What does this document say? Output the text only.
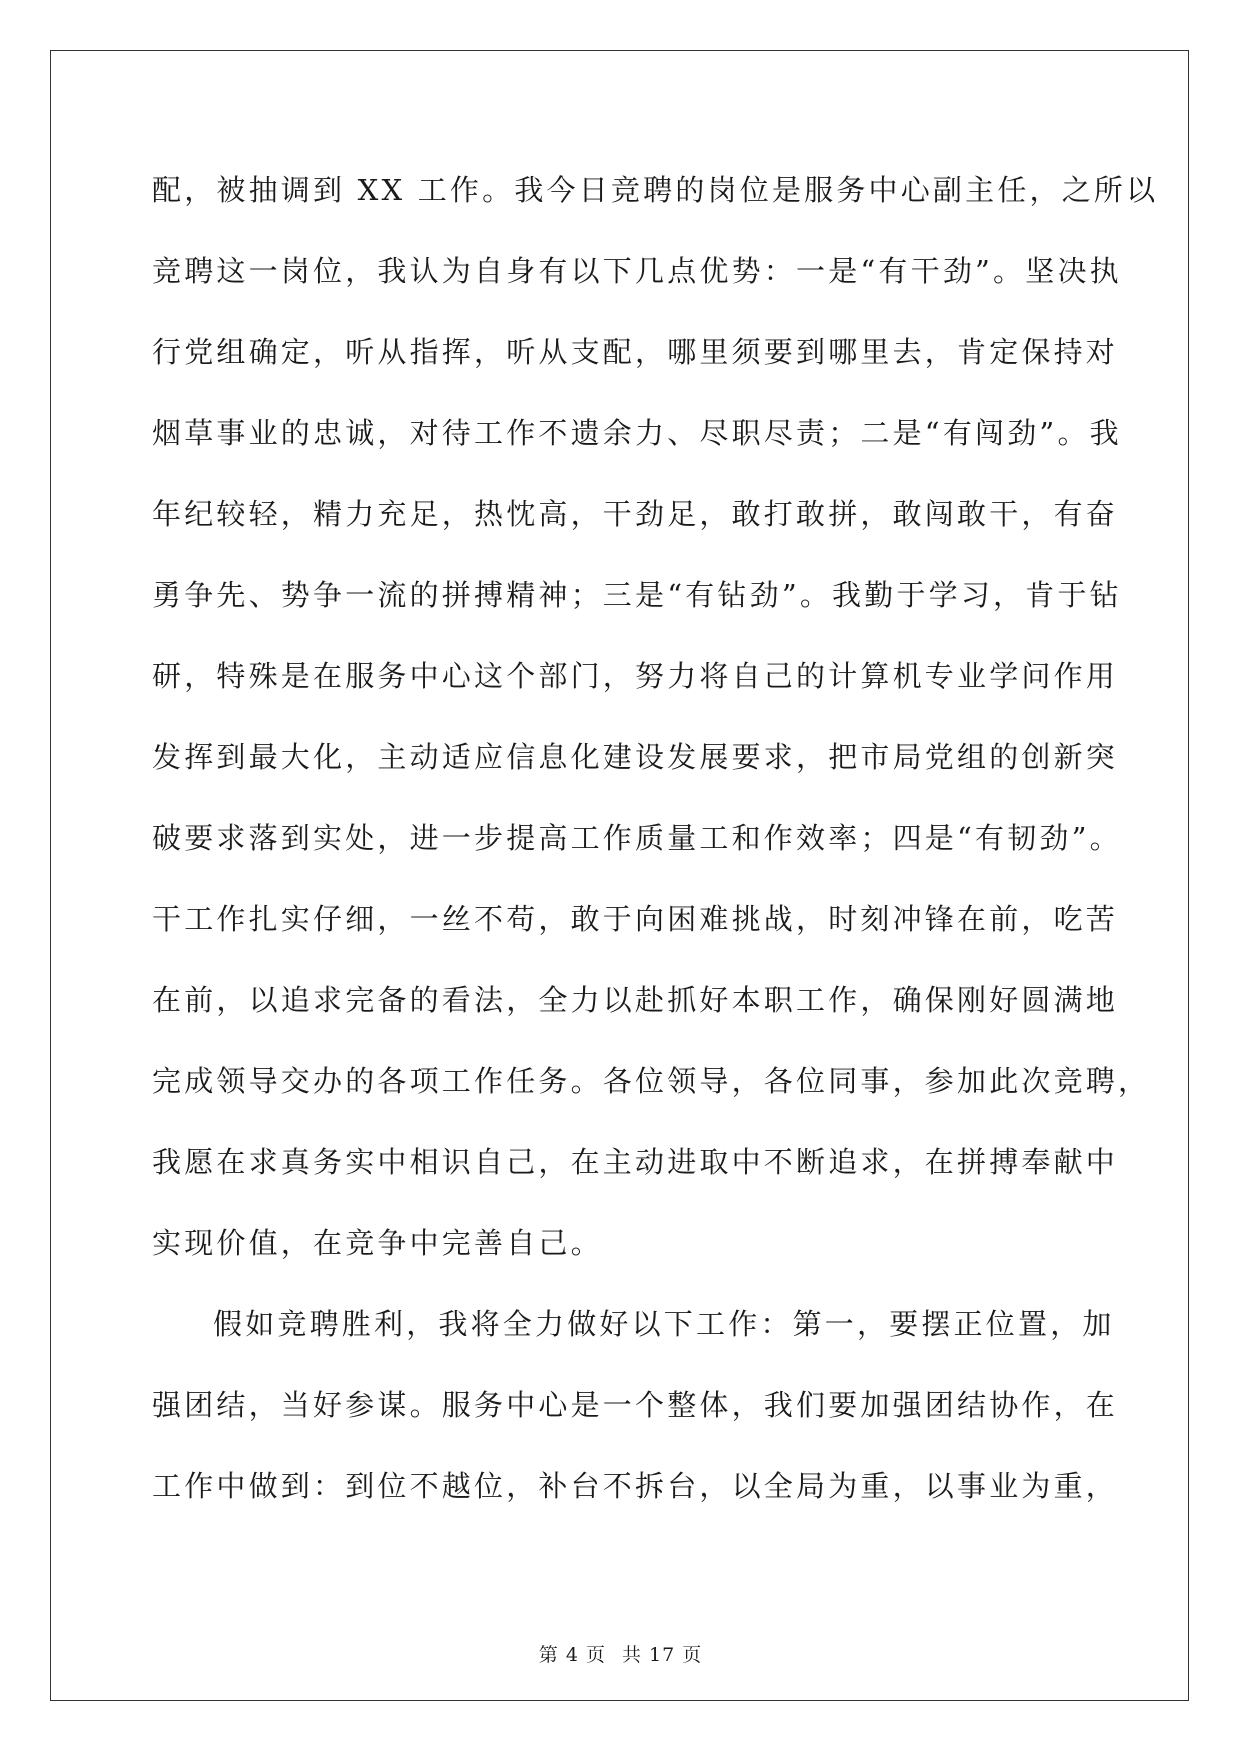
配，被抽调到 XX 工作。我今日竞聘的岗位是服务中心副主任，之所以
竞聘这一岗位，我认为自身有以下几点优势：一是“有干劲”。坚决执
行党组确定，听从指挥，听从支配，哪里须要到哪里去，肯定保持对
烟草事业的忠诚，对待工作不遗余力、尽职尽责；二是“有闯劲”。我
年纪较轻，精力充足，热忱高，干劲足，敢打敢拼，敢闯敢干，有奋
勇争先、势争一流的拼搏精神；三是“有钻劲”。我勤于学习，肯于钻
研，特殊是在服务中心这个部门，努力将自己的计算机专业学问作用
发挥到最大化，主动适应信息化建设发展要求，把市局党组的创新突
破要求落到实处，进一步提高工作质量工和作效率；四是“有韧劲”。
干工作扎实仔细，一丝不苟，敢于向困难挑战，时刻冲锋在前，吃苦
在前，以追求完备的看法，全力以赴抓好本职工作，确保刚好圆满地
完成领导交办的各项工作任务。各位领导，各位同事，参加此次竞聘，
我愿在求真务实中相识自己，在主动进取中不断追求，在拼搏奉献中
实现价值，在竞争中完善自己。
假如竞聘胜利，我将全力做好以下工作：第一，要摆正位置，加
强团结，当好参谋。服务中心是一个整体，我们要加强团结协作，在
工作中做到：到位不越位，补台不拆台，以全局为重，以事业为重，
第 4 页 共 17 页
